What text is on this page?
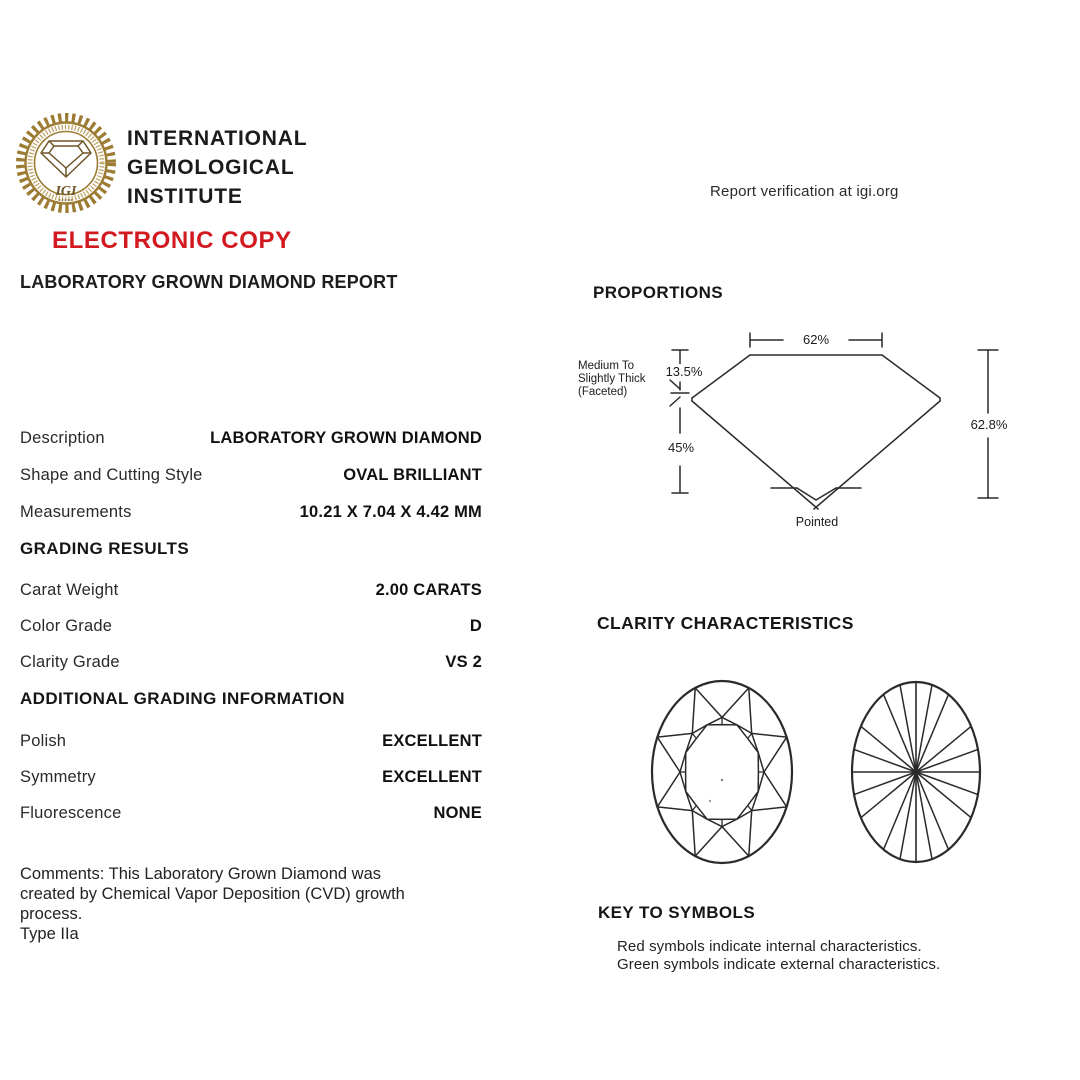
IGI
INTERNATIONAL
GEMOLOGICAL
INSTITUTE
ELECTRONIC COPY
LABORATORY GROWN DIAMOND REPORT
Report verification at igi.org
Description	LABORATORY GROWN DIAMOND
Shape and Cutting Style	OVAL BRILLIANT
Measurements	10.21 X 7.04 X 4.42 MM
GRADING RESULTS
Carat Weight	2.00 CARATS
Color Grade	D
Clarity Grade	VS 2
ADDITIONAL GRADING INFORMATION
Polish	EXCELLENT
Symmetry	EXCELLENT
Fluorescence	NONE
Comments: This Laboratory Grown Diamond was
created by Chemical Vapor Deposition (CVD) growth
process.
Type IIa
PROPORTIONS
62%
13.5%
45%
62.8%
Medium To
Slightly Thick
(Faceted)
Pointed
CLARITY CHARACTERISTICS
KEY TO SYMBOLS
Red symbols indicate internal characteristics.
Green symbols indicate external characteristics.
